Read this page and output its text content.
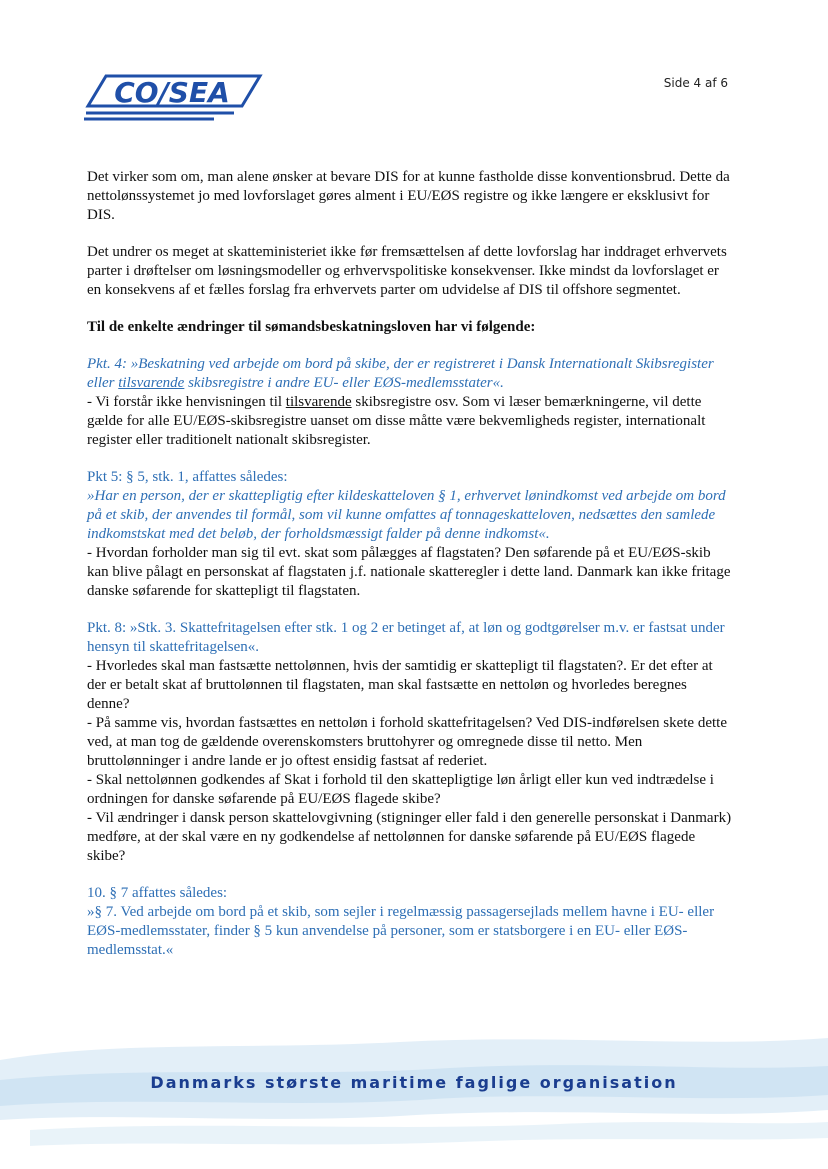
CO/SEA	Side 4 af 6

Det virker som om, man alene ønsker at bevare DIS for at kunne fastholde disse konventionsbrud. Dette da nettolønssystemet jo med lovforslaget gøres alment i EU/EØS registre og ikke længere er eksklusivt for DIS.

Det undrer os meget at skatteministeriet ikke før fremsættelsen af dette lovforslag har inddraget erhvervets parter i drøftelser om løsningsmodeller og erhvervspolitiske konsekvenser. Ikke mindst da lovforslaget er en konsekvens af et fælles forslag fra erhvervets parter om udvidelse af DIS til offshore segmentet.

Til de enkelte ændringer til sømandsbeskatningsloven har vi følgende:

Pkt. 4: »Beskatning ved arbejde om bord på skibe, der er registreret i Dansk Internationalt Skibsregister eller tilsvarende skibsregistre i andre EU- eller EØS-medlemsstater«.
- Vi forstår ikke henvisningen til tilsvarende skibsregistre osv. Som vi læser bemærkningerne, vil dette gælde for alle EU/EØS-skibsregistre uanset om disse måtte være bekvemligheds register, internationalt register eller traditionelt nationalt skibsregister.
Pkt 5: § 5, stk. 1, affattes således:
»Har en person, der er skattepligtig efter kildeskatteloven § 1, erhvervet lønindkomst ved arbejde om bord på et skib, der anvendes til formål, som vil kunne omfattes af tonnageskatteloven, nedsættes den samlede indkomstskat med det beløb, der forholdsmæssigt falder på denne indkomst«.
- Hvordan forholder man sig til evt. skat som pålægges af flagstaten? Den søfarende på et EU/EØS-skib kan blive pålagt en personskat af flagstaten j.f. nationale skatteregler i dette land. Danmark kan ikke fritage danske søfarende for skattepligt til flagstaten.
Pkt. 8: »Stk. 3. Skattefritagelsen efter stk. 1 og 2 er betinget af, at løn og godtgørelser m.v. er fastsat under hensyn til skattefritagelsen«.
- Hvorledes skal man fastsætte nettolønnen, hvis der samtidig er skattepligt til flagstaten?. Er det efter at der er betalt skat af bruttolønnen til flagstaten, man skal fastsætte en nettoløn og hvorledes beregnes denne?
- På samme vis, hvordan fastsættes en nettoløn i forhold skattefritagelsen? Ved DIS-indførelsen skete dette ved, at man tog de gældende overenskomsters bruttohyrer og omregnede disse til netto. Men bruttolønninger i andre lande er jo oftest ensidig fastsat af rederiet.
- Skal nettolønnen godkendes af Skat i forhold til den skattepligtige løn årligt eller kun ved indtrædelse i ordningen for danske søfarende på EU/EØS flagede skibe?
- Vil ændringer i dansk person skattelovgivning (stigninger eller fald i den generelle personskat i Danmark) medføre, at der skal være en ny godkendelse af nettolønnen for danske søfarende på EU/EØS flagede skibe?
10. § 7 affattes således:
»§ 7. Ved arbejde om bord på et skib, som sejler i regelmæssig passagersejlads mellem havne i EU- eller EØS-medlemsstater, finder § 5 kun anvendelse på personer, som er statsborgere i en EU- eller EØS-medlemsstat.«
Danmarks største maritime faglige organisation
